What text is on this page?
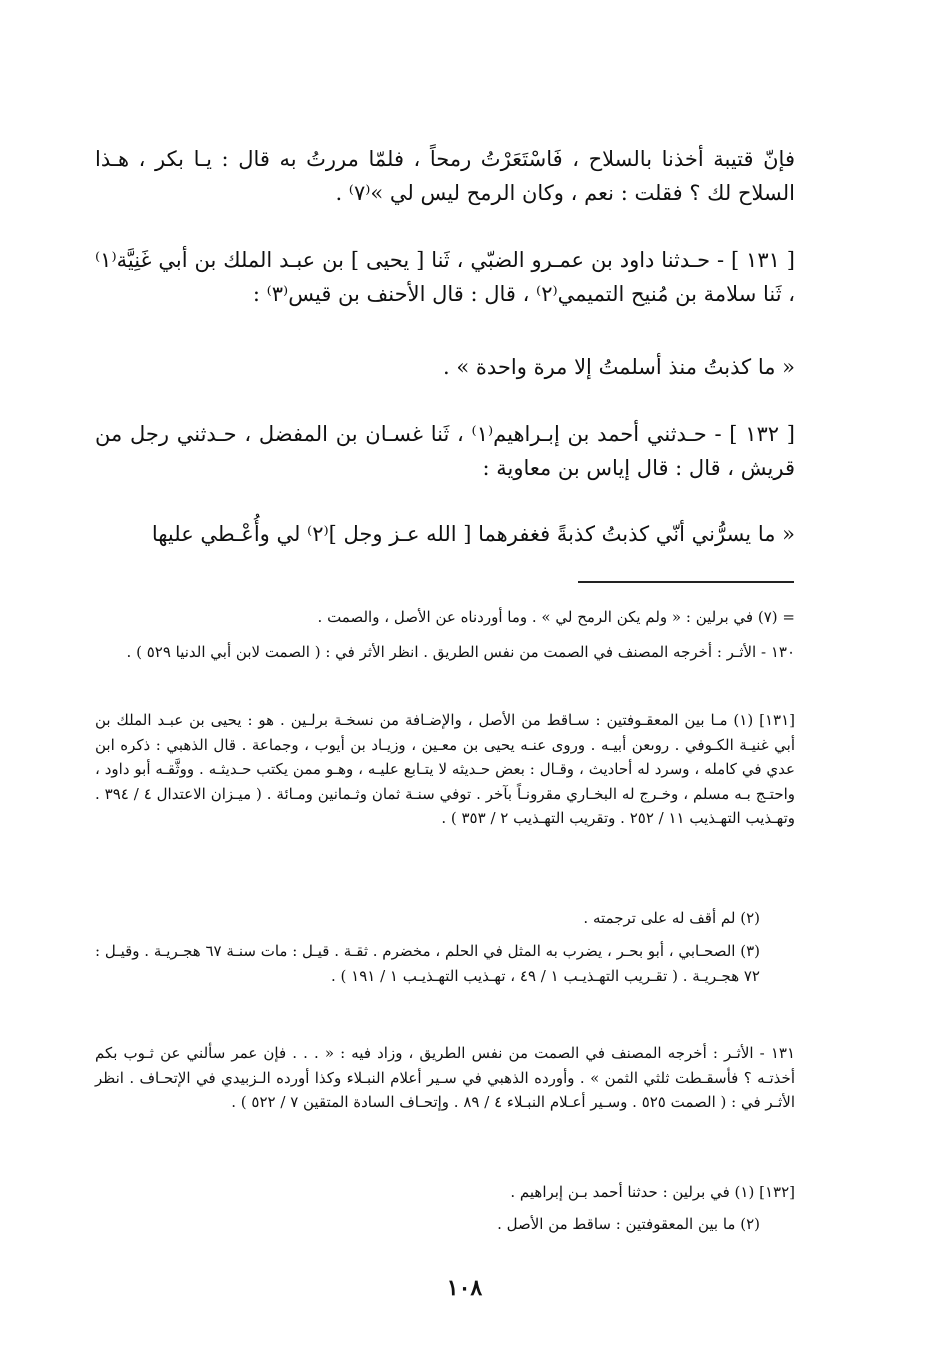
فإنّ قتيبة أخذنا بالسلاح ، فَاسْتَعَرْتُ رمحاً ، فلمّا مررتُ به قال : يـا بكر ، هـذا السلاح لك ؟ فقلت : نعم ، وكان الرمح ليس لي »⁽٧⁾ .

[ ١٣١ ] - حـدثنا داود بن عمـرو الضبّي ، ثَنا [ يحيى ] بن عبـد الملك بن أبي غَنِيَّة⁽١⁾ ، ثَنا سلامة بن مُنيح التميمي⁽٢⁾ ، قال : قال الأحنف بن قيس⁽٣⁾ :

« ما كذبتُ منذ أسلمتُ إلا مرة واحدة » .

[ ١٣٢ ] - حـدثني أحمد بن إبـراهيم⁽١⁾ ، ثَنا غسـان بن المفضل ، حـدثني رجل من قريش ، قال : قال إياس بن معاوية :

« ما يسرُّني أنّي كذبتُ كذبةً فغفرهما [ الله عـز وجل ]⁽٢⁾ لي وأُعْـطي عليها

= (٧) في برلين : « ولم يكن الرمح لي » . وما أوردناه عن الأصل ، والصمت .

١٣٠ - الأثـر : أخرجه المصنف في الصمت من نفس الطريق . انظر الأثر في : ( الصمت لابن أبي الدنيا ٥٢٩ ) .

[١٣١] (١) مـا بين المعقـوفتين : سـاقط من الأصل ، والإضـافة من نسخـة برلـين . هو : يحيى بن عبـد الملك بن أبي غنيـة الكـوفي . روىعن أبيـه . وروى عنـه يحيى بن معـين ، وزيـاد بن أيوب ، وجماعة . قال الذهبي : ذكره ابن عدي في كامله ، وسرد له أحاديث ، وقـال : بعض حـديثه لا يتـابع عليـه ، وهـو ممن يكتب حـديثـه . ووثَّقـه أبو داود ، واحتـج بـه مسلم ، وخـرج له البخـاري مقرونـاً بآخر . توفي سنـة ثمان وثـمانين ومـائة . ( ميـزان الاعتدال ٤ / ٣٩٤ . وتهـذيب التهـذيب ١١ / ٢٥٢ . وتقريب التهـذيب ٢ / ٣٥٣ ) .

(٢) لم أقف له على ترجمته .

(٣) الصحـابي ، أبو بحـر ، يضرب به المثل في الحلم ، مخضرم . ثقـة . قيـل : مات سنـة ٦٧ هجـريـة . وقيـل : ٧٢ هجـريـة . ( تقـريب التهـذيـب ١ / ٤٩ ، تهـذيب التهـذيـب ١ / ١٩١ ) .

١٣١ - الأثـر : أخرجه المصنف في الصمت من نفس الطريق ، وزاد فيه : « . . . فإن عمر سألني عن ثـوب بكم أخذتـه ؟ فأسقـطت ثلثي الثمن » . وأورده الذهبي في سـير أعلام النبـلاء وكذا أورده الـزبيدي في الإتحـاف . انظر الأثـر في : ( الصمت ٥٢٥ . وسـير أعـلام النبـلاء ٤ / ٨٩ . وإتحـاف السادة المتقين ٧ / ٥٢٢ ) .

[١٣٢] (١) في برلين : حدثنا أحمد بـن إبراهيم .

(٢) ما بين المعقوفتين : ساقط من الأصل .

١٠٨
